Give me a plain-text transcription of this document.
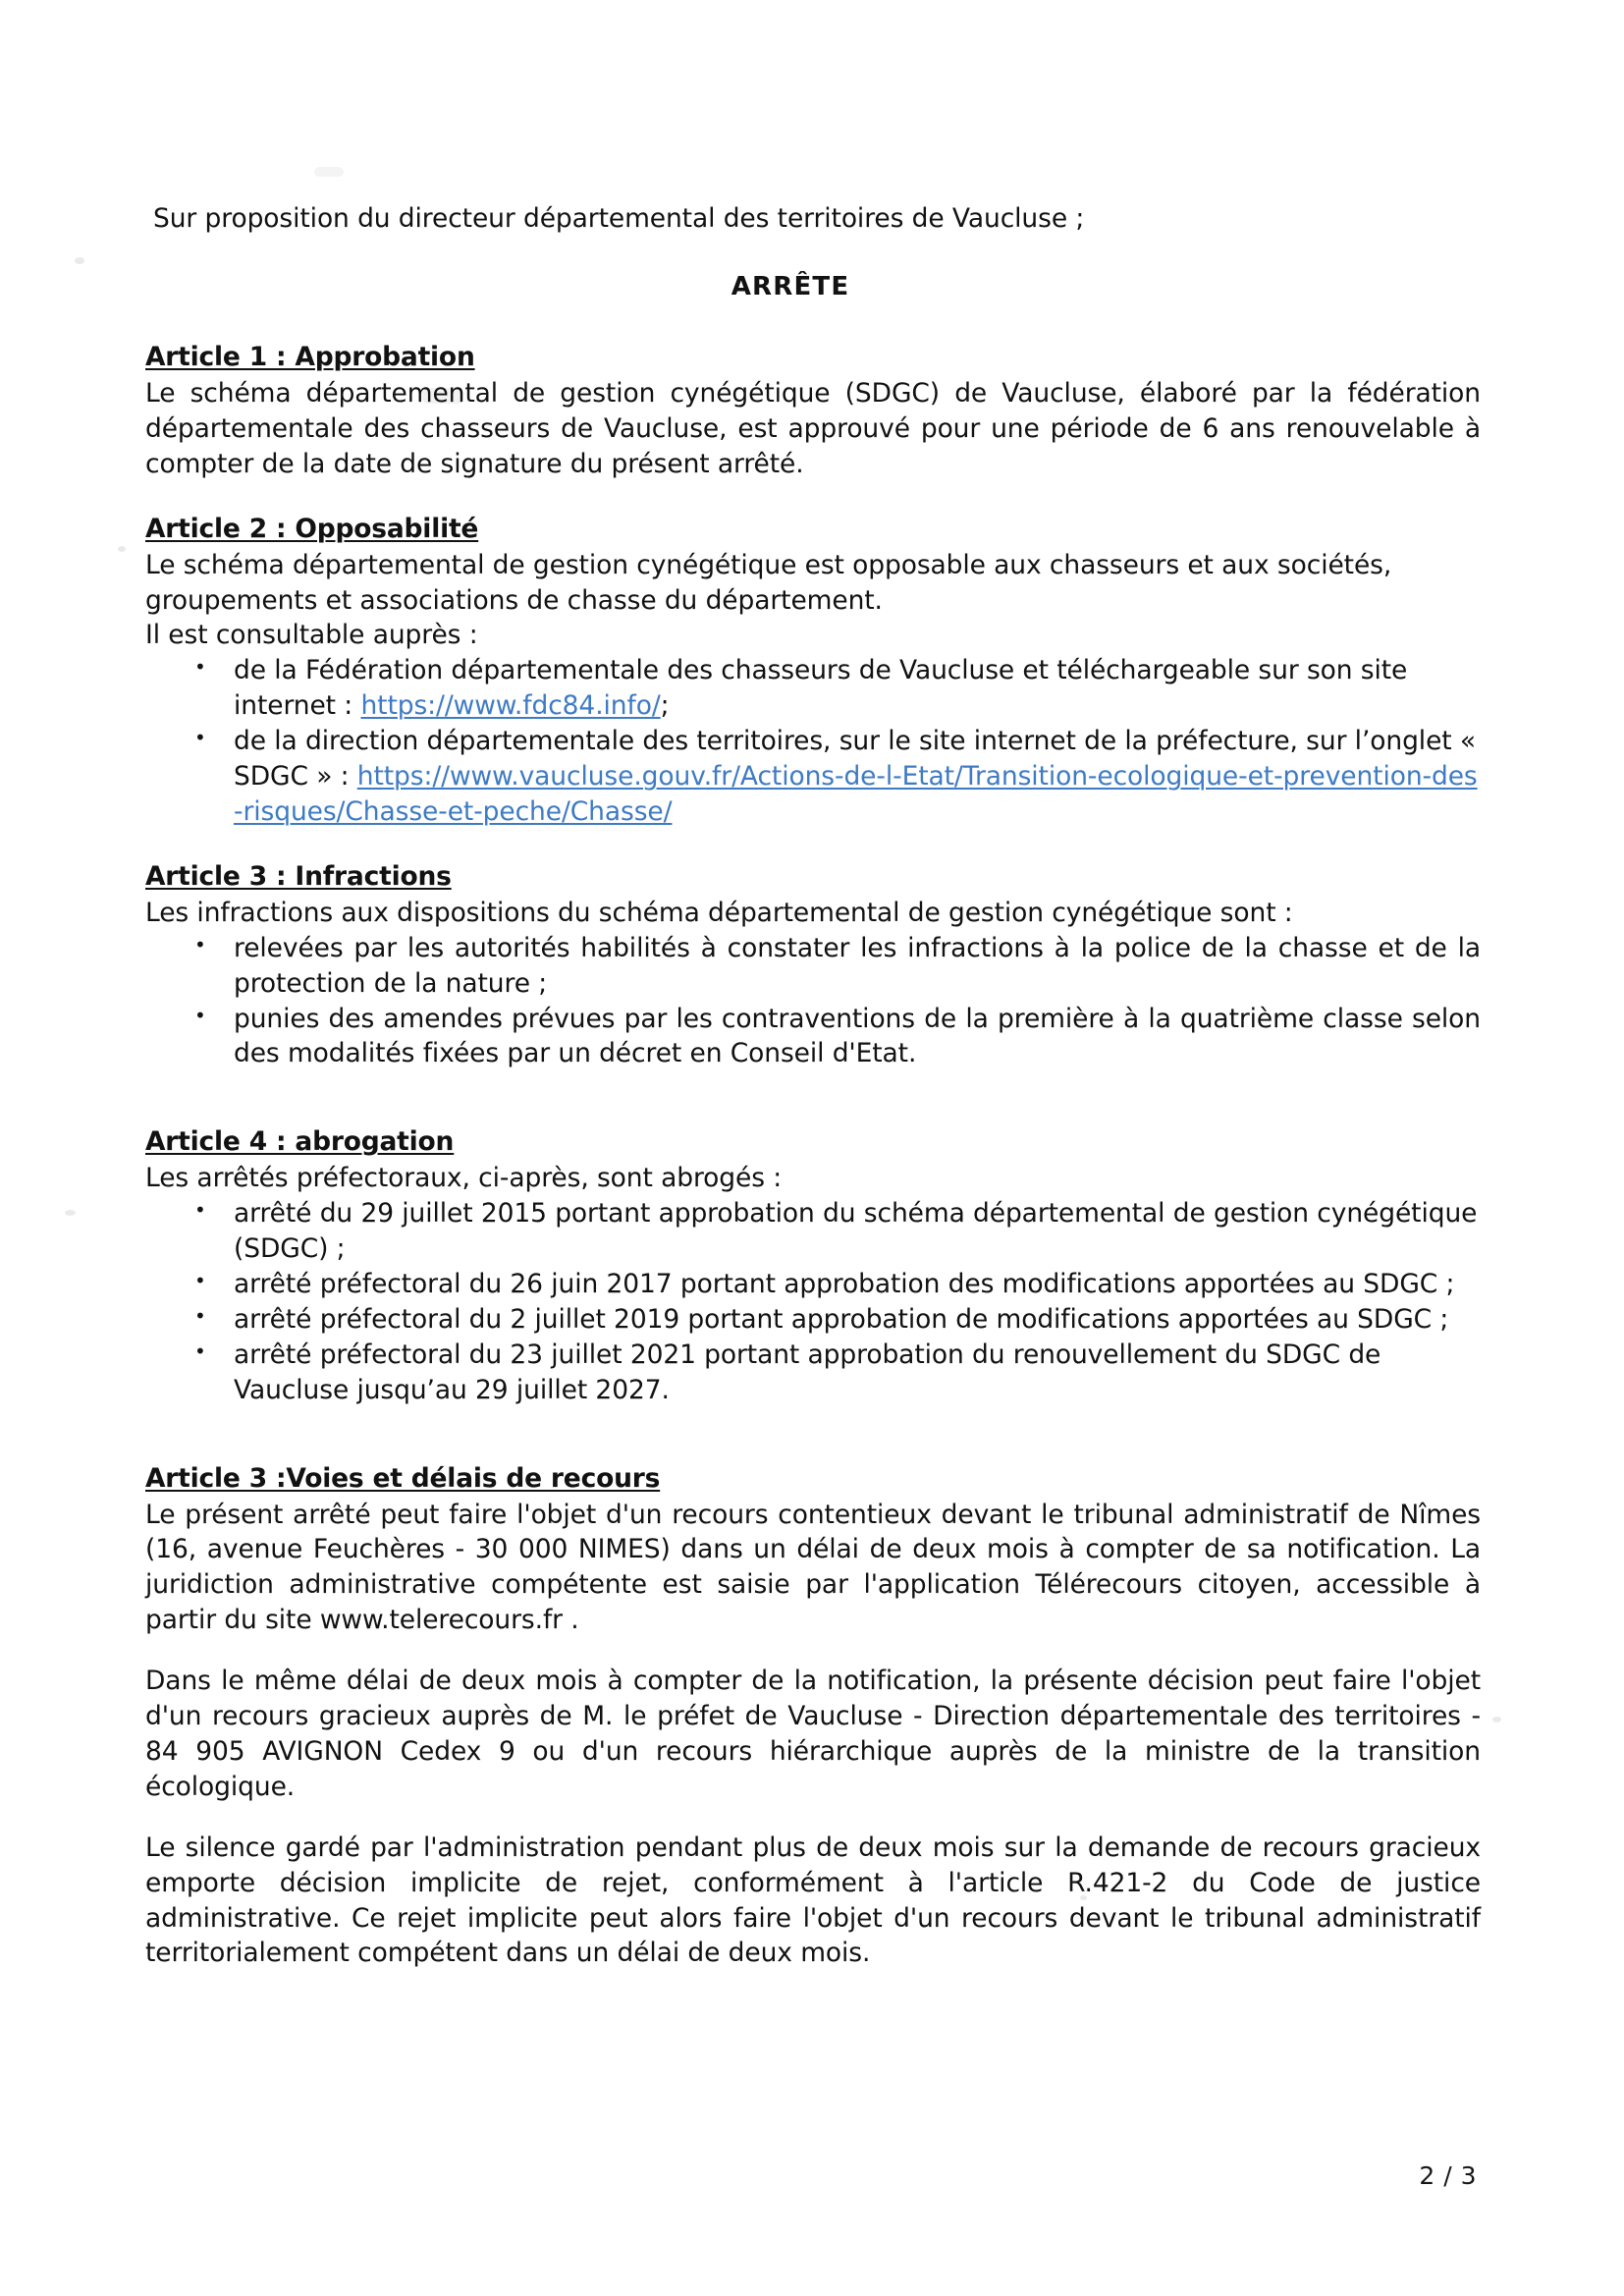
Sur proposition du directeur départemental des territoires de Vaucluse ;

ARRÊTE

Article 1 : Approbation

Le schéma départemental de gestion cynégétique (SDGC) de Vaucluse, élaboré par la fédération départementale des chasseurs de Vaucluse, est approuvé pour une période de 6 ans renouvelable à compter de la date de signature du présent arrêté.

Article 2 : Opposabilité

Le schéma départemental de gestion cynégétique est opposable aux chasseurs et aux sociétés, groupements et associations de chasse du département.

Il est consultable auprès :

• de la Fédération départementale des chasseurs de Vaucluse et téléchargeable sur son site internet : https://www.fdc84.info/;
• de la direction départementale des territoires, sur le site internet de la préfecture, sur l’onglet « SDGC » : https://www.vaucluse.gouv.fr/Actions-de-l-Etat/Transition-ecologique-et-prevention-des-risques/Chasse-et-peche/Chasse/
Article 3 : Infractions

Les infractions aux dispositions du schéma départemental de gestion cynégétique sont :

• relevées par les autorités habilités à constater les infractions à la police de la chasse et de la protection de la nature ;
• punies des amendes prévues par les contraventions de la première à la quatrième classe selon des modalités fixées par un décret en Conseil d'Etat.
Article 4 : abrogation

Les arrêtés préfectoraux, ci-après, sont abrogés :

• arrêté du 29 juillet 2015 portant approbation du schéma départemental de gestion cynégétique (SDGC) ;
• arrêté préfectoral du 26 juin 2017 portant approbation des modifications apportées au SDGC ;
• arrêté préfectoral du 2 juillet 2019 portant approbation de modifications apportées au SDGC ;
• arrêté préfectoral du 23 juillet 2021 portant approbation du renouvellement du SDGC de Vaucluse jusqu’au 29 juillet 2027.
Article 3 :Voies et délais de recours

Le présent arrêté peut faire l'objet d'un recours contentieux devant le tribunal administratif de Nîmes (16, avenue Feuchères - 30 000 NIMES) dans un délai de deux mois à compter de sa notification. La juridiction administrative compétente est saisie par l'application Télérecours citoyen, accessible à partir du site www.telerecours.fr .

Dans le même délai de deux mois à compter de la notification, la présente décision peut faire l'objet d'un recours gracieux auprès de M. le préfet de Vaucluse - Direction départementale des territoires - 84 905 AVIGNON Cedex 9 ou d'un recours hiérarchique auprès de la ministre de la transition écologique.

Le silence gardé par l'administration pendant plus de deux mois sur la demande de recours gracieux emporte décision implicite de rejet, conformément à l'article R.421-2 du Code de justice administrative. Ce rejet implicite peut alors faire l'objet d'un recours devant le tribunal administratif territorialement compétent dans un délai de deux mois.

2 / 3
